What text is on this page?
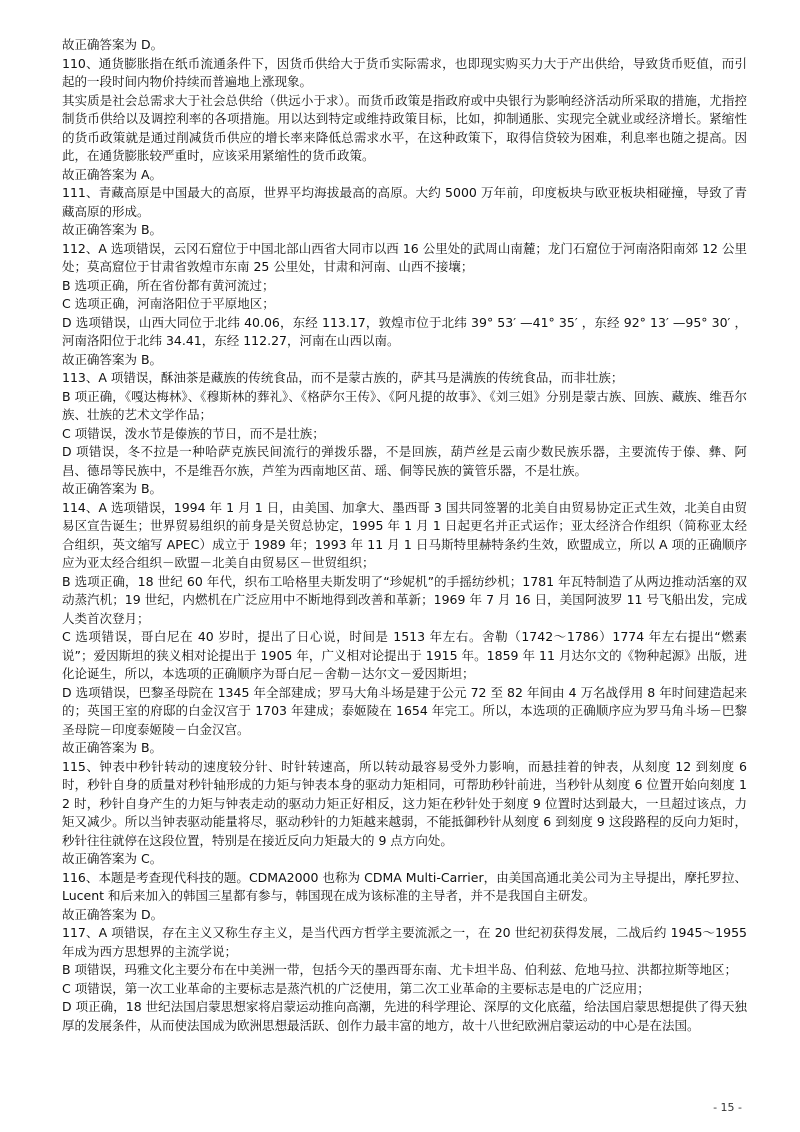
故正确答案为 D。

110、通货膨胀指在纸币流通条件下，因货币供给大于货币实际需求，也即现实购买力大于产出供给，导致货币贬值，而引起的一段时间内物价持续而普遍地上涨现象。

其实质是社会总需求大于社会总供给（供远小于求）。而货币政策是指政府或中央银行为影响经济活动所采取的措施，尤指控制货币供给以及调控利率的各项措施。用以达到特定或维持政策目标，比如，抑制通胀、实现完全就业或经济增长。紧缩性的货币政策就是通过削减货币供应的增长率来降低总需求水平，在这种政策下，取得信贷较为困难，利息率也随之提高。因此，在通货膨胀较严重时，应该采用紧缩性的货币政策。

故正确答案为 A。

111、青藏高原是中国最大的高原，世界平均海拔最高的高原。大约 5000 万年前，印度板块与欧亚板块相碰撞，导致了青藏高原的形成。

故正确答案为 B。

112、A 选项错误，云冈石窟位于中国北部山西省大同市以西 16 公里处的武周山南麓；龙门石窟位于河南洛阳南郊 12 公里处；莫高窟位于甘肃省敦煌市东南 25 公里处，甘肃和河南、山西不接壤；

B 选项正确，所在省份都有黄河流过；

C 选项正确，河南洛阳位于平原地区；

D 选项错误，山西大同位于北纬 40.06，东经 113.17，敦煌市位于北纬 39° 53′ —41° 35′ ，东经 92° 13′ —95° 30′ ，河南洛阳位于北纬 34.41，东经 112.27，河南在山西以南。

故正确答案为 B。

113、A 项错误，酥油茶是藏族的传统食品，而不是蒙古族的，萨其马是满族的传统食品，而非壮族；

B 项正确，《嘎达梅林》、《穆斯林的葬礼》、《格萨尔王传》、《阿凡提的故事》、《刘三姐》分别是蒙古族、回族、藏族、维吾尔族、壮族的艺术文学作品；

C 项错误，泼水节是傣族的节日，而不是壮族；

D 项错误，冬不拉是一种哈萨克族民间流行的弹拨乐器，不是回族，葫芦丝是云南少数民族乐器，主要流传于傣、彝、阿昌、德昂等民族中，不是维吾尔族，芦笙为西南地区苗、瑶、侗等民族的簧管乐器，不是壮族。

故正确答案为 B。

114、A 选项错误，1994 年 1 月 1 日，由美国、加拿大、墨西哥 3 国共同签署的北美自由贸易协定正式生效，北美自由贸易区宣告诞生；世界贸易组织的前身是关贸总协定，1995 年 1 月 1 日起更名并正式运作；亚太经济合作组织（简称亚太经合组织，英文缩写 APEC）成立于 1989 年；1993 年 11 月 1 日马斯特里赫特条约生效，欧盟成立，所以 A 项的正确顺序应为亚太经合组织－欧盟－北美自由贸易区－世贸组织；

B 选项正确，18 世纪 60 年代，织布工哈格里夫斯发明了“珍妮机”的手摇纺纱机；1781 年瓦特制造了从两边推动活塞的双动蒸汽机；19 世纪，内燃机在广泛应用中不断地得到改善和革新；1969 年 7 月 16 日，美国阿波罗 11 号飞船出发，完成人类首次登月；

C 选项错误，哥白尼在 40 岁时，提出了日心说，时间是 1513 年左右。舍勒（1742～1786）1774 年左右提出“燃素说”；爱因斯坦的狭义相对论提出于 1905 年，广义相对论提出于 1915 年。1859 年 11 月达尔文的《物种起源》出版，进化论诞生，所以，本选项的正确顺序为哥白尼－舍勒－达尔文－爱因斯坦；

D 选项错误，巴黎圣母院在 1345 年全部建成；罗马大角斗场是建于公元 72 至 82 年间由 4 万名战俘用 8 年时间建造起来的；英国王室的府邸的白金汉宫于 1703 年建成；泰姬陵在 1654 年完工。所以，本选项的正确顺序应为罗马角斗场－巴黎圣母院－印度泰姬陵－白金汉宫。

故正确答案为 B。

115、钟表中秒针转动的速度较分针、时针转速高，所以转动最容易受外力影响，而悬挂着的钟表，从刻度 12 到刻度 6 时，秒针自身的质量对秒针轴形成的力矩与钟表本身的驱动力矩相同，可帮助秒针前进，当秒针从刻度 6 位置开始向刻度 12 时，秒针自身产生的力矩与钟表走动的驱动力矩正好相反，这力矩在秒针处于刻度 9 位置时达到最大，一旦超过该点，力矩又减少。所以当钟表驱动能量将尽，驱动秒针的力矩越来越弱，不能抵御秒针从刻度 6 到刻度 9 这段路程的反向力矩时，秒针往往就停在这段位置，特别是在接近反向力矩最大的 9 点方向处。

故正确答案为 C。

116、本题是考查现代科技的题。CDMA2000 也称为 CDMA Multi-Carrier，由美国高通北美公司为主导提出，摩托罗拉、Lucent 和后来加入的韩国三星都有参与，韩国现在成为该标准的主导者，并不是我国自主研发。

故正确答案为 D。

117、A 项错误，存在主义又称生存主义，是当代西方哲学主要流派之一，在 20 世纪初获得发展，二战后约 1945～1955 年成为西方思想界的主流学说；

B 项错误，玛雅文化主要分布在中美洲一带，包括今天的墨西哥东南、尤卡坦半岛、伯利兹、危地马拉、洪都拉斯等地区；

C 项错误，第一次工业革命的主要标志是蒸汽机的广泛使用，第二次工业革命的主要标志是电的广泛应用；

D 项正确，18 世纪法国启蒙思想家将启蒙运动推向高潮，先进的科学理论、深厚的文化底蕴，给法国启蒙思想提供了得天独厚的发展条件，从而使法国成为欧洲思想最活跃、创作力最丰富的地方，故十八世纪欧洲启蒙运动的中心是在法国。

- 15 -
